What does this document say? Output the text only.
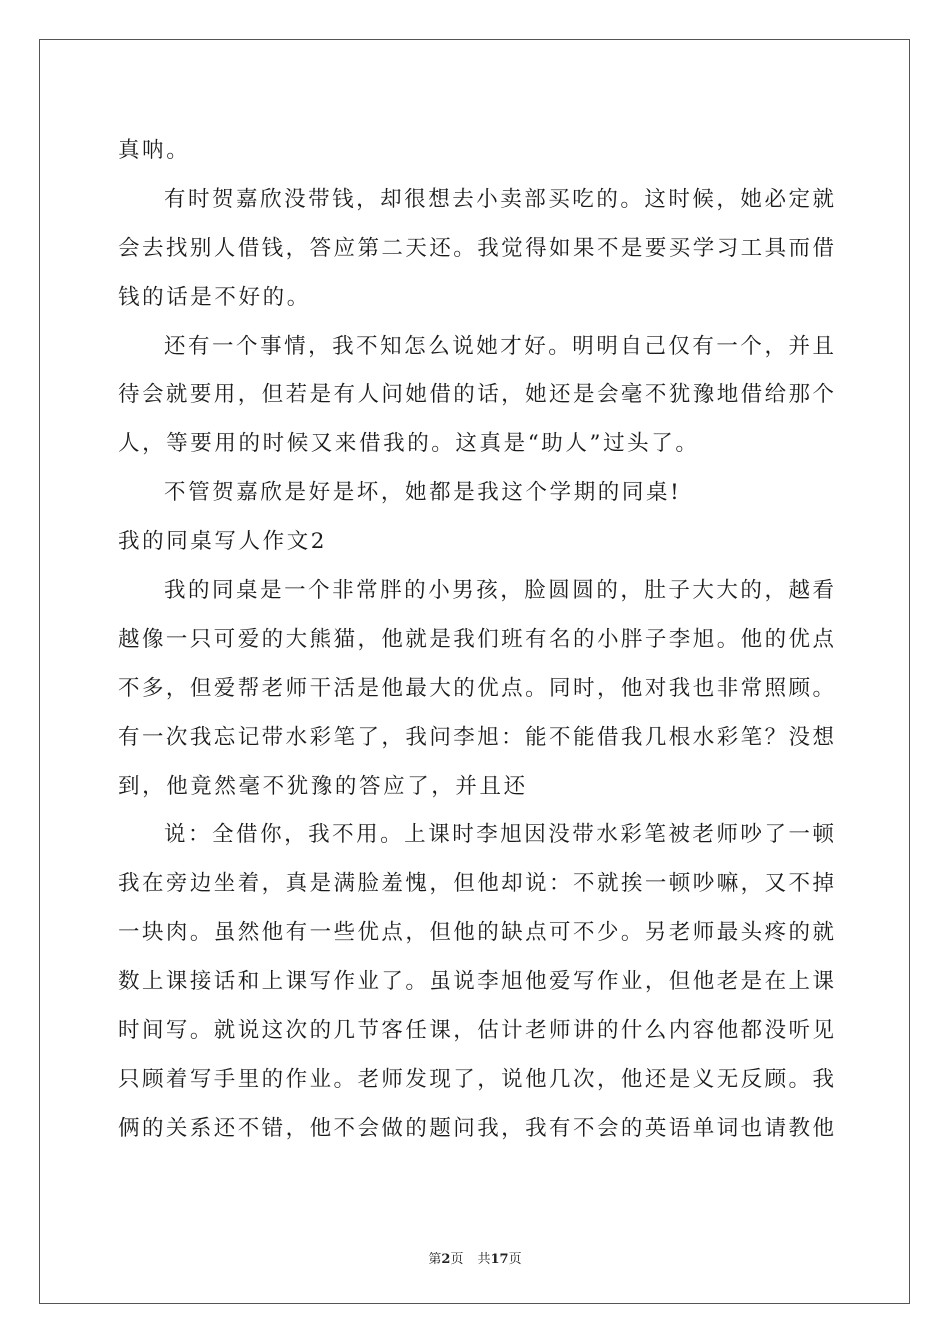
真呐。
有时贺嘉欣没带钱，却很想去小卖部买吃的。这时候，她必定就
会去找别人借钱，答应第二天还。我觉得如果不是要买学习工具而借
钱的话是不好的。
还有一个事情，我不知怎么说她才好。明明自己仅有一个，并且
待会就要用，但若是有人问她借的话，她还是会毫不犹豫地借给那个
人，等要用的时候又来借我的。这真是“助人”过头了。
不管贺嘉欣是好是坏，她都是我这个学期的同桌!
我的同桌写人作文2
我的同桌是一个非常胖的小男孩，脸圆圆的，肚子大大的，越看
越像一只可爱的大熊猫，他就是我们班有名的小胖子李旭。他的优点
不多，但爱帮老师干活是他最大的优点。同时，他对我也非常照顾。
有一次我忘记带水彩笔了，我问李旭：能不能借我几根水彩笔？没想
到，他竟然毫不犹豫的答应了，并且还
说：全借你，我不用。上课时李旭因没带水彩笔被老师吵了一顿
我在旁边坐着，真是满脸羞愧，但他却说：不就挨一顿吵嘛，又不掉
一块肉。虽然他有一些优点，但他的缺点可不少。另老师最头疼的就
数上课接话和上课写作业了。虽说李旭他爱写作业，但他老是在上课
时间写。就说这次的几节客任课，估计老师讲的什么内容他都没听见
只顾着写手里的作业。老师发现了，说他几次，他还是义无反顾。我
俩的关系还不错，他不会做的题问我，我有不会的英语单词也请教他
第2页 共17页
